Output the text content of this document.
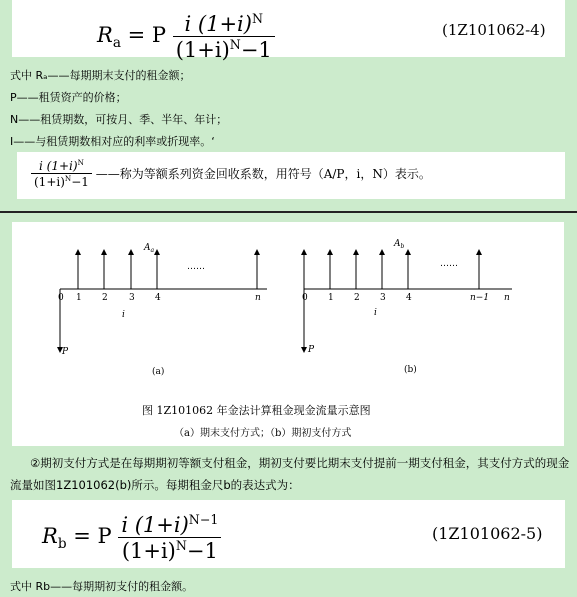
$R_a = P \frac{i (1+i)^N}{(1+i)^N-1}$	(1Z101062-4)
式中 Rₐ——每期期末支付的租金额；
P——租赁资产的价格；
N——租赁期数，可按月、季、半年、年计；
I——与租赁期数相对应的利率或折现率。‘
$\frac{i (1+i)^N}{(1+i)^N-1}$ ——称为等额系列资金回收系数，用符号（A/P，i，N）表示。
$A_a$
……
0 1 2 3 4	n
i
P
(a)
$A_b$
……
0 1 2 3 4	n−1 n
i
P
(b)
图 1Z101062 年金法计算租金现金流量示意图
（a）期末支付方式；（b）期初支付方式
②期初支付方式是在每期期初等额支付租金，期初支付要比期末支付提前一期支付租金，其支付方式的现金流量如图1Z101062(b)所示。每期租金尺b的表达式为：
$R_b = P \frac{i (1+i)^{N-1}}{(1+i)^N-1}$	(1Z101062-5)
式中 Rb——每期期初支付的租金额。
